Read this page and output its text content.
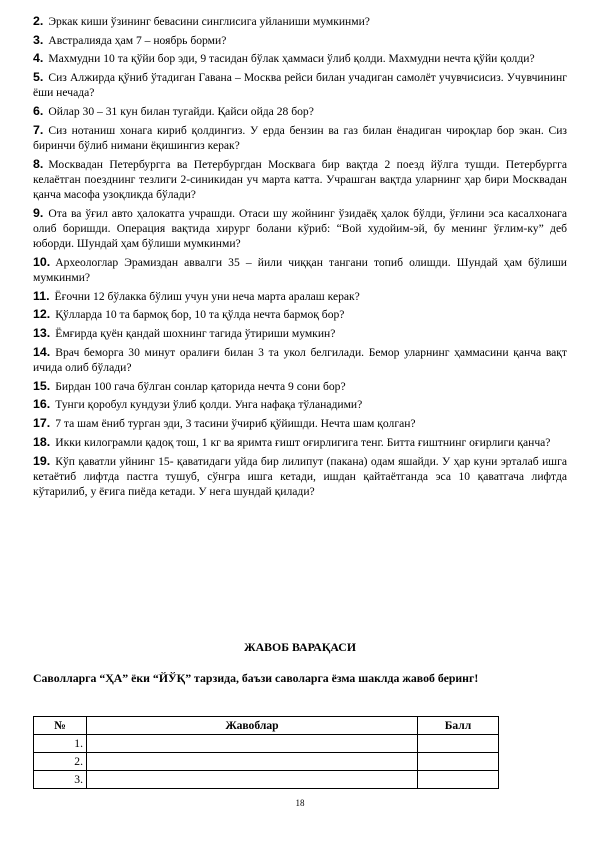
2. Эркак киши ўзининг бевасини синглисига уйланиши мумкинми?

3. Австралияда ҳам 7 – ноябрь борми?

4. Махмудни 10 та қўйи бор эди, 9 тасидан бўлак ҳаммаси ўлиб қолди. Махмудни нечта қўйи қолди?

5. Сиз Алжирда қўниб ўтадиган Гавана – Москва рейси билан учадиган самолёт учувчисисиз. Учувчининг ёши нечада?

6. Ойлар 30 – 31 кун билан тугайди. Қайси ойда 28 бор?

7. Сиз нотаниш хонага кириб қолдингиз. У ерда бензин ва газ билан ёнадиган чироқлар бор экан. Сиз биринчи бўлиб нимани ёқишингиз керак?

8. Москвадан Петербургга ва Петербургдан Москвага бир вақтда 2 поезд йўлга тушди. Петербургга келаётган поезднинг тезлиги 2-синикидан уч марта катта. Учрашган вақтда уларнинг ҳар бири Москвадан қанча масофа узоқликда бўлади?

9. Ота ва ўғил авто ҳалокатга учрашди. Отаси шу жойнинг ўзидаёқ ҳалок бўлди, ўғлини эса касалхонага олиб боришди. Операция вақтида хирург болани кўриб: “Вой худойим-эй, бу менинг ўғлим-ку” деб юборди. Шундай ҳам бўлиши мумкинми?

10. Археологлар Эрамиздан аввалги 35 – йили чиққан тангани топиб олишди. Шундай ҳам бўлиши мумкинми?

11. Ёғочни 12 бўлакка бўлиш учун уни неча марта аралаш керак?

12. Қўлларда 10 та бармоқ бор, 10 та қўлда нечта бармоқ бор?

13. Ёмғирда қуён қандай шохнинг тагида ўтириши мумкин?

14. Врач беморга 30 минут оралиғи билан 3 та укол белгилади. Бемор уларнинг ҳаммасини қанча вақт ичида олиб бўлади?

15. Бирдан 100 гача бўлган сонлар қаторида нечта 9 сони бор?

16. Тунги қоробул кундузи ўлиб қолди. Унга нафақа тўланадими?

17. 7 та шам ёниб турган эди, 3 тасини ўчириб қўйишди. Нечта шам қолган?

18. Икки килограмли қадоқ тош, 1 кг ва яримта ғишт оғирлигига тенг. Битта ғиштнинг оғирлиги қанча?

19. Кўп қаватли уйнинг 15- қаватидаги уйда бир лилипут (пакана) одам яшайди. У ҳар куни эрталаб ишга кетаётиб лифтда пастга тушуб, сўнгра ишга кетади, ишдан қайтаётганда эса 10 қаватгача лифтда кўтарилиб, у ёғига пиёда кетади. У нега шундай қилади?

ЖАВОБ ВАРАҚАСИ

Саволларга “ҲА” ёки “ЙЎҚ” тарзида, баъзи саволарга ёзма шаклда жавоб беринг!

№	Жавоблар	Балл
1.		
2.		
3.		

18
